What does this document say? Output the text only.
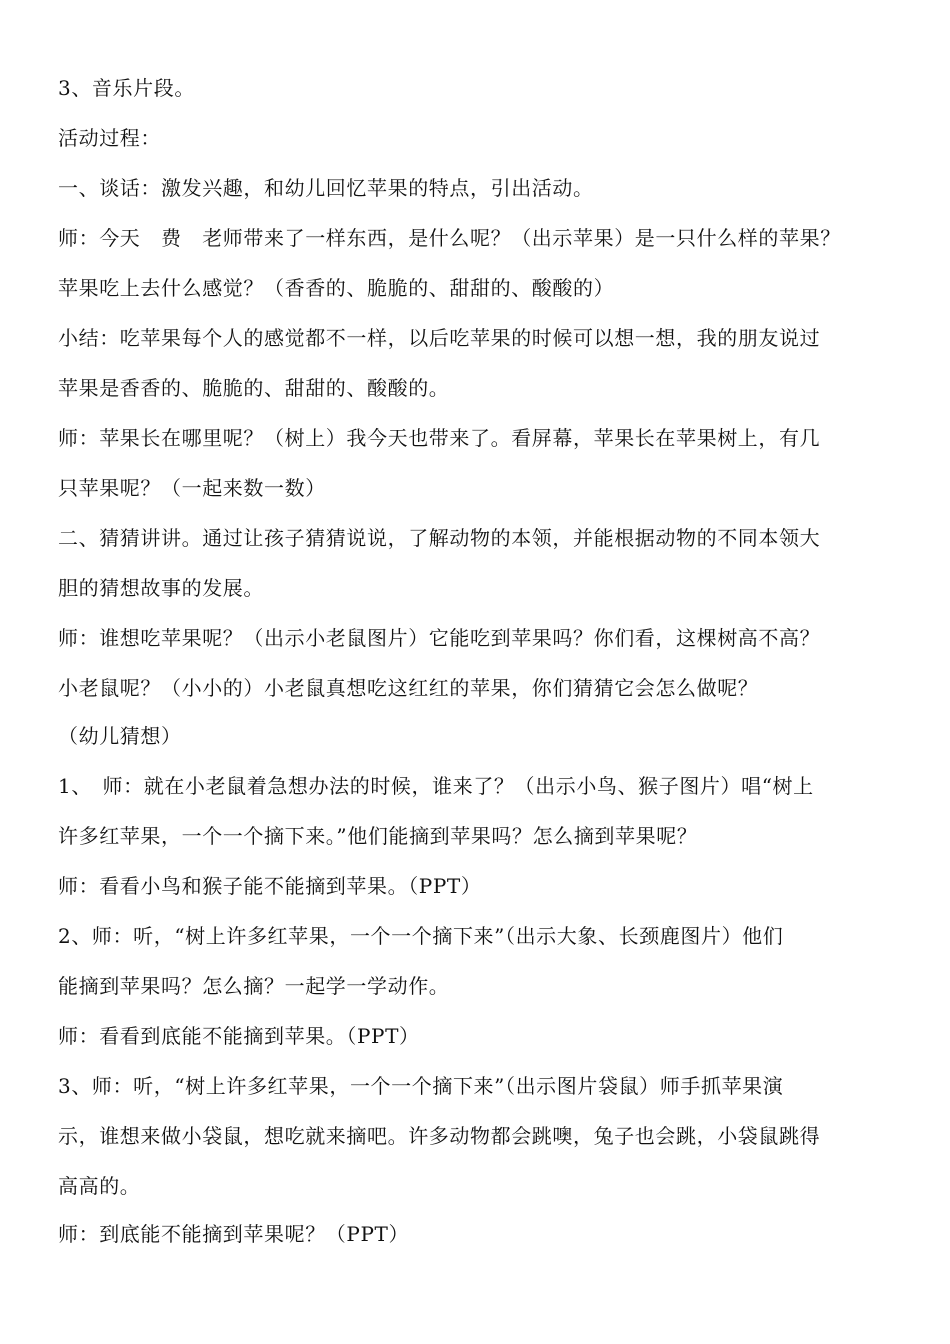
3、音乐片段。
活动过程：
一、谈话：激发兴趣，和幼儿回忆苹果的特点，引出活动。
师：今天　费　老师带来了一样东西，是什么呢？（出示苹果）是一只什么样的苹果？
苹果吃上去什么感觉？（香香的、脆脆的、甜甜的、酸酸的）
小结：吃苹果每个人的感觉都不一样，以后吃苹果的时候可以想一想，我的朋友说过
苹果是香香的、脆脆的、甜甜的、酸酸的。
师：苹果长在哪里呢？（树上）我今天也带来了。看屏幕，苹果长在苹果树上，有几
只苹果呢？（一起来数一数）
二、猜猜讲讲。通过让孩子猜猜说说，了解动物的本领，并能根据动物的不同本领大
胆的猜想故事的发展。
师：谁想吃苹果呢？（出示小老鼠图片）它能吃到苹果吗？你们看，这棵树高不高？
小老鼠呢？（小小的）小老鼠真想吃这红红的苹果，你们猜猜它会怎么做呢？
（幼儿猜想）
1、　师：就在小老鼠着急想办法的时候，谁来了？（出示小鸟、猴子图片）唱“树上
许多红苹果，一个一个摘下来。”他们能摘到苹果吗？怎么摘到苹果呢？
师：看看小鸟和猴子能不能摘到苹果。（PPT）
2、师：听，“树上许多红苹果，一个一个摘下来”（出示大象、长颈鹿图片）他们
能摘到苹果吗？怎么摘？一起学一学动作。
师：看看到底能不能摘到苹果。（PPT）
3、师：听，“树上许多红苹果，一个一个摘下来”（出示图片袋鼠）师手抓苹果演
示，谁想来做小袋鼠，想吃就来摘吧。许多动物都会跳噢，兔子也会跳，小袋鼠跳得
高高的。
师：到底能不能摘到苹果呢？（PPT）
